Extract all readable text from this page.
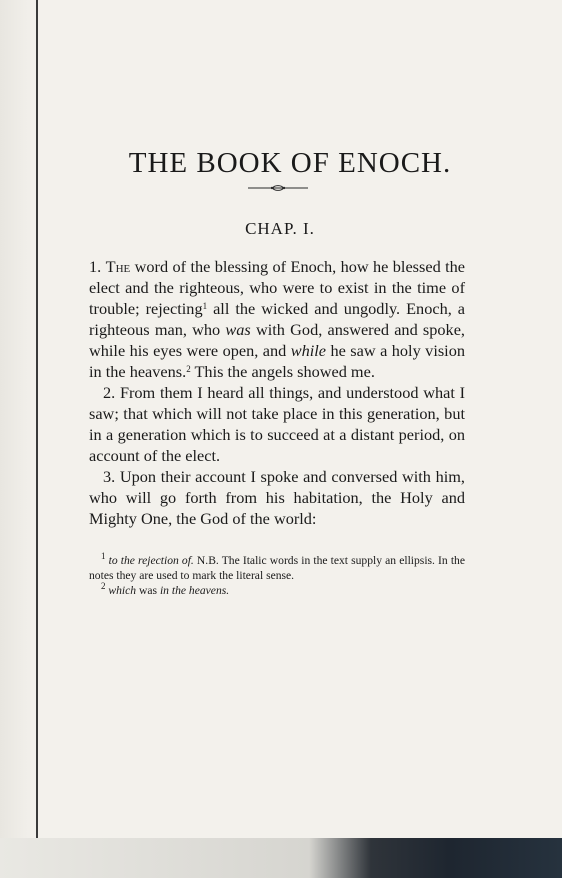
THE BOOK OF ENOCH.
CHAP. I.

1. The word of the blessing of Enoch, how he blessed the elect and the righteous, who were to exist in the time of trouble; rejecting$^1$ all the wicked and ungodly. Enoch, a righteous man, who was with God, answered and spoke, while his eyes were open, and while he saw a holy vision in the heavens.$^2$ This the angels showed me.

2. From them I heard all things, and understood what I saw; that which will not take place in this generation, but in a generation which is to succeed at a distant period, on account of the elect.

3. Upon their account I spoke and conversed with him, who will go forth from his habitation, the Holy and Mighty One, the God of the world:

$^1$ to the rejection of. N.B. The Italic words in the text supply an ellipsis. In the notes they are used to mark the literal sense.

$^2$ which was in the heavens.
